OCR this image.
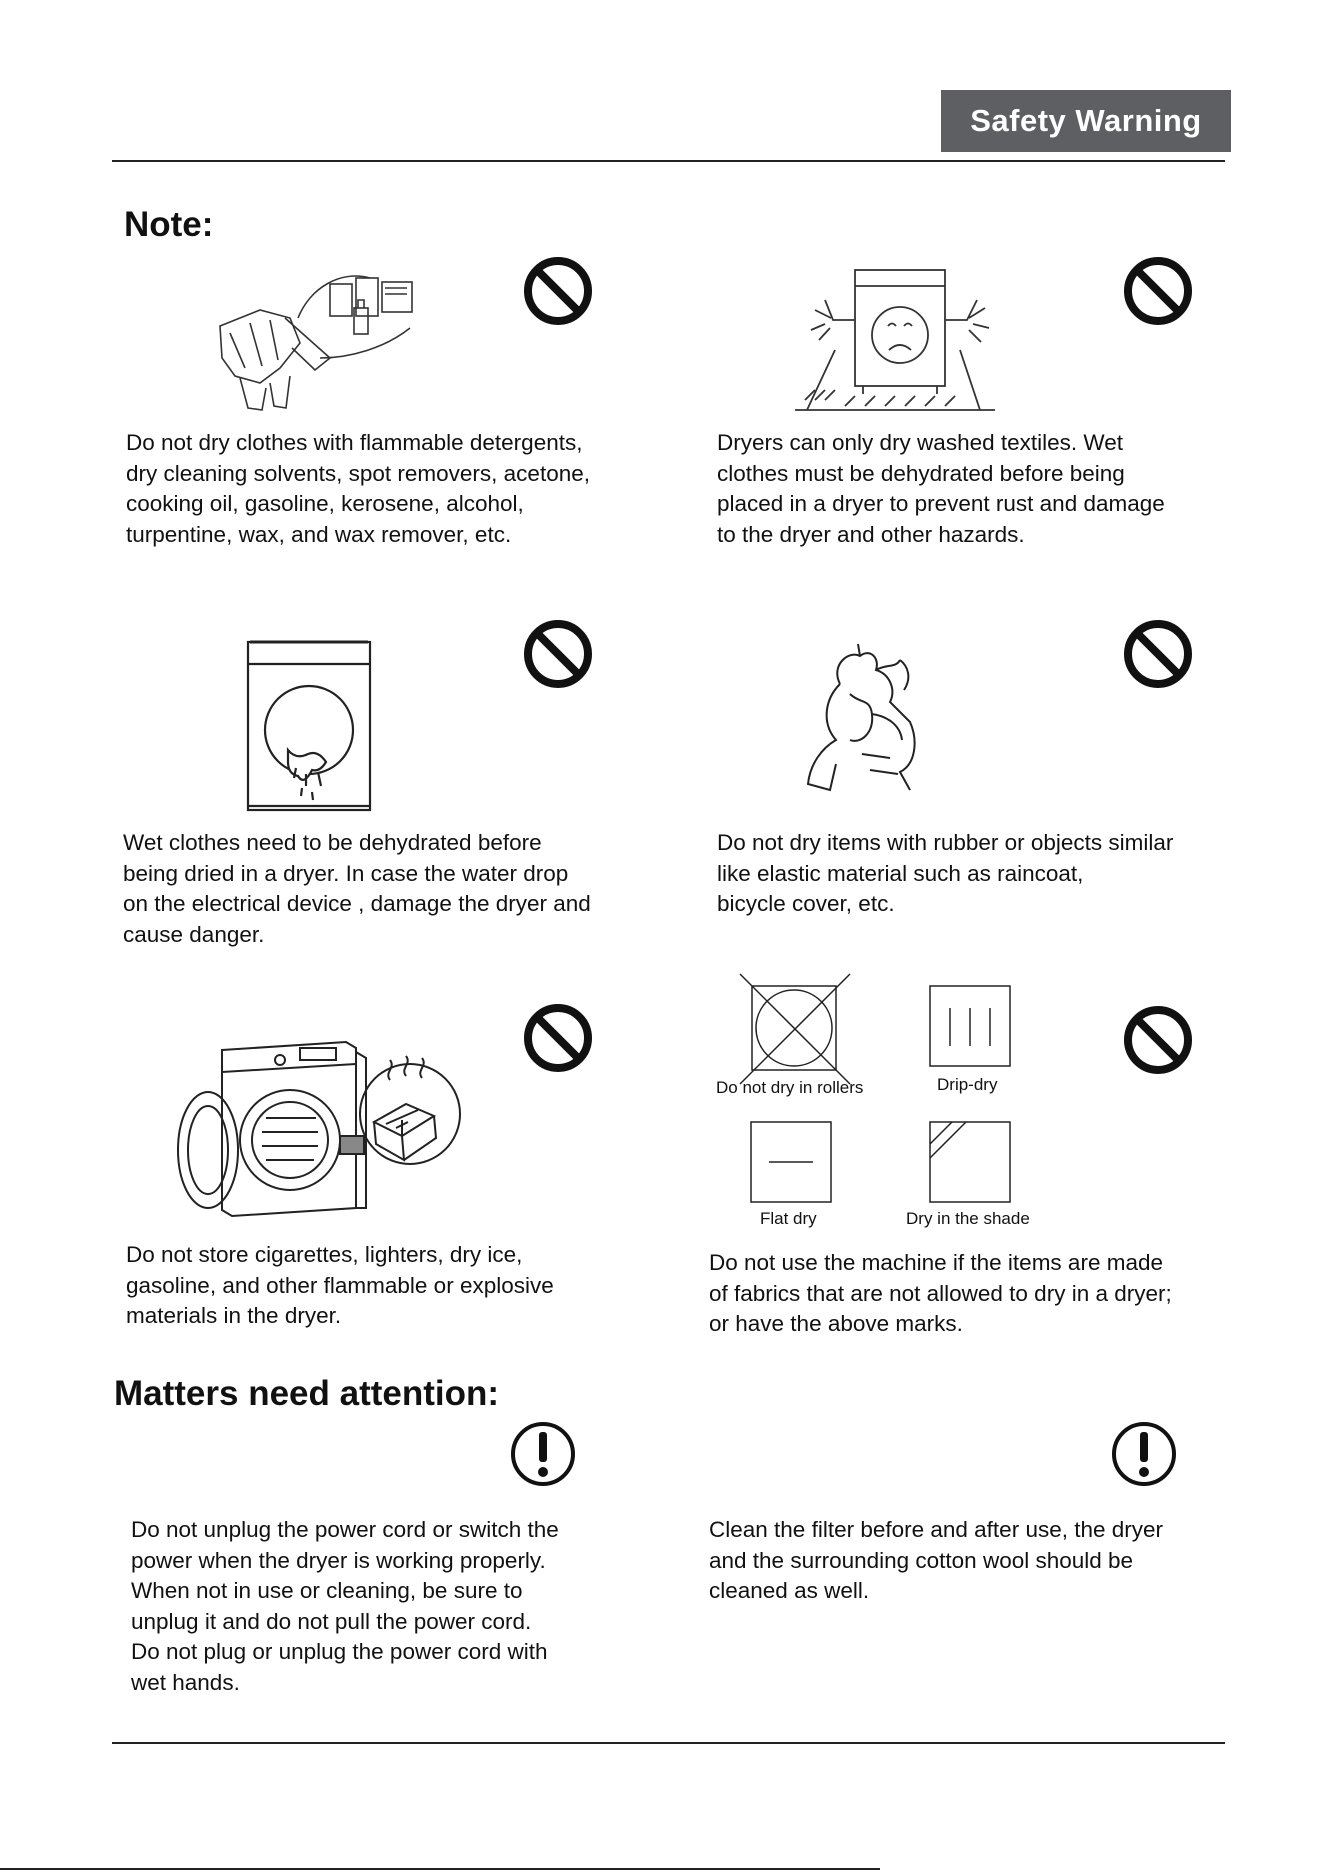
Safety Warning
Note:
Do not dry clothes with flammable detergents,
dry cleaning solvents, spot removers, acetone,
cooking oil, gasoline, kerosene, alcohol,
turpentine, wax, and wax remover, etc.
Dryers can only dry washed textiles. Wet
clothes must be dehydrated before being
placed in a dryer to prevent rust and damage
to the dryer and other hazards.
Wet clothes need to be dehydrated before
being dried in a dryer. In case the water drop
on the electrical device , damage the dryer and
cause danger.
Do not dry items with rubber or objects similar
like elastic material such as raincoat,
bicycle cover, etc.
Do not store cigarettes, lighters, dry ice,
gasoline, and other flammable or explosive
materials in the dryer.
Do not dry in rollers	Drip-dry
Flat dry	Dry in the shade
Do not use the machine if the items are made
of fabrics that are not allowed to dry in a dryer;
or have the above marks.
Matters need attention:
Do not unplug the power cord or switch the
power when the dryer is working properly.
When not in use or cleaning, be sure to
unplug it and do not pull the power cord.
Do not plug or unplug the power cord with
wet hands.
Clean the filter before and after use, the dryer
and the surrounding cotton wool should be
cleaned as well.
